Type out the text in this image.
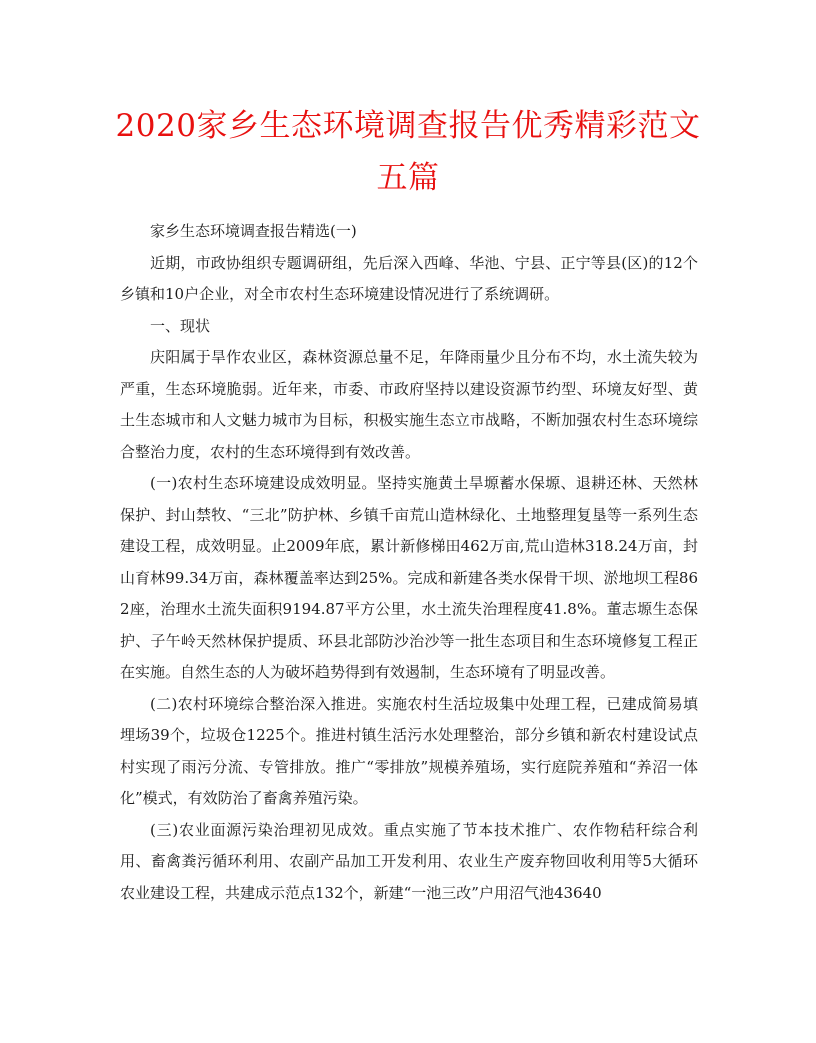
2020家乡生态环境调查报告优秀精彩范文五篇

家乡生态环境调查报告精选(一)

近期，市政协组织专题调研组，先后深入西峰、华池、宁县、正宁等县(区)的12个乡镇和10户企业，对全市农村生态环境建设情况进行了系统调研。

一、现状

庆阳属于旱作农业区，森林资源总量不足，年降雨量少且分布不均，水土流失较为严重，生态环境脆弱。近年来，市委、市政府坚持以建设资源节约型、环境友好型、黄土生态城市和人文魅力城市为目标，积极实施生态立市战略，不断加强农村生态环境综合整治力度，农村的生态环境得到有效改善。

(一)农村生态环境建设成效明显。坚持实施黄土旱塬蓄水保塬、退耕还林、天然林保护、封山禁牧、“三北”防护林、乡镇千亩荒山造林绿化、土地整理复垦等一系列生态建设工程，成效明显。止2009年底，累计新修梯田462万亩,荒山造林318.24万亩，封山育林99.34万亩，森林覆盖率达到25%。完成和新建各类水保骨干坝、淤地坝工程862座，治理水土流失面积9194.87平方公里，水土流失治理程度41.8%。董志塬生态保护、子午岭天然林保护提质、环县北部防沙治沙等一批生态项目和生态环境修复工程正在实施。自然生态的人为破坏趋势得到有效遏制，生态环境有了明显改善。

(二)农村环境综合整治深入推进。实施农村生活垃圾集中处理工程，已建成简易填埋场39个，垃圾仓1225个。推进村镇生活污水处理整治，部分乡镇和新农村建设试点村实现了雨污分流、专管排放。推广“零排放”规模养殖场，实行庭院养殖和“养沼一体化”模式，有效防治了畜禽养殖污染。

(三)农业面源污染治理初见成效。重点实施了节本技术推广、农作物秸秆综合利用、畜禽粪污循环利用、农副产品加工开发利用、农业生产废弃物回收利用等5大循环农业建设工程，共建成示范点132个，新建“一池三改”户用沼气池43640
